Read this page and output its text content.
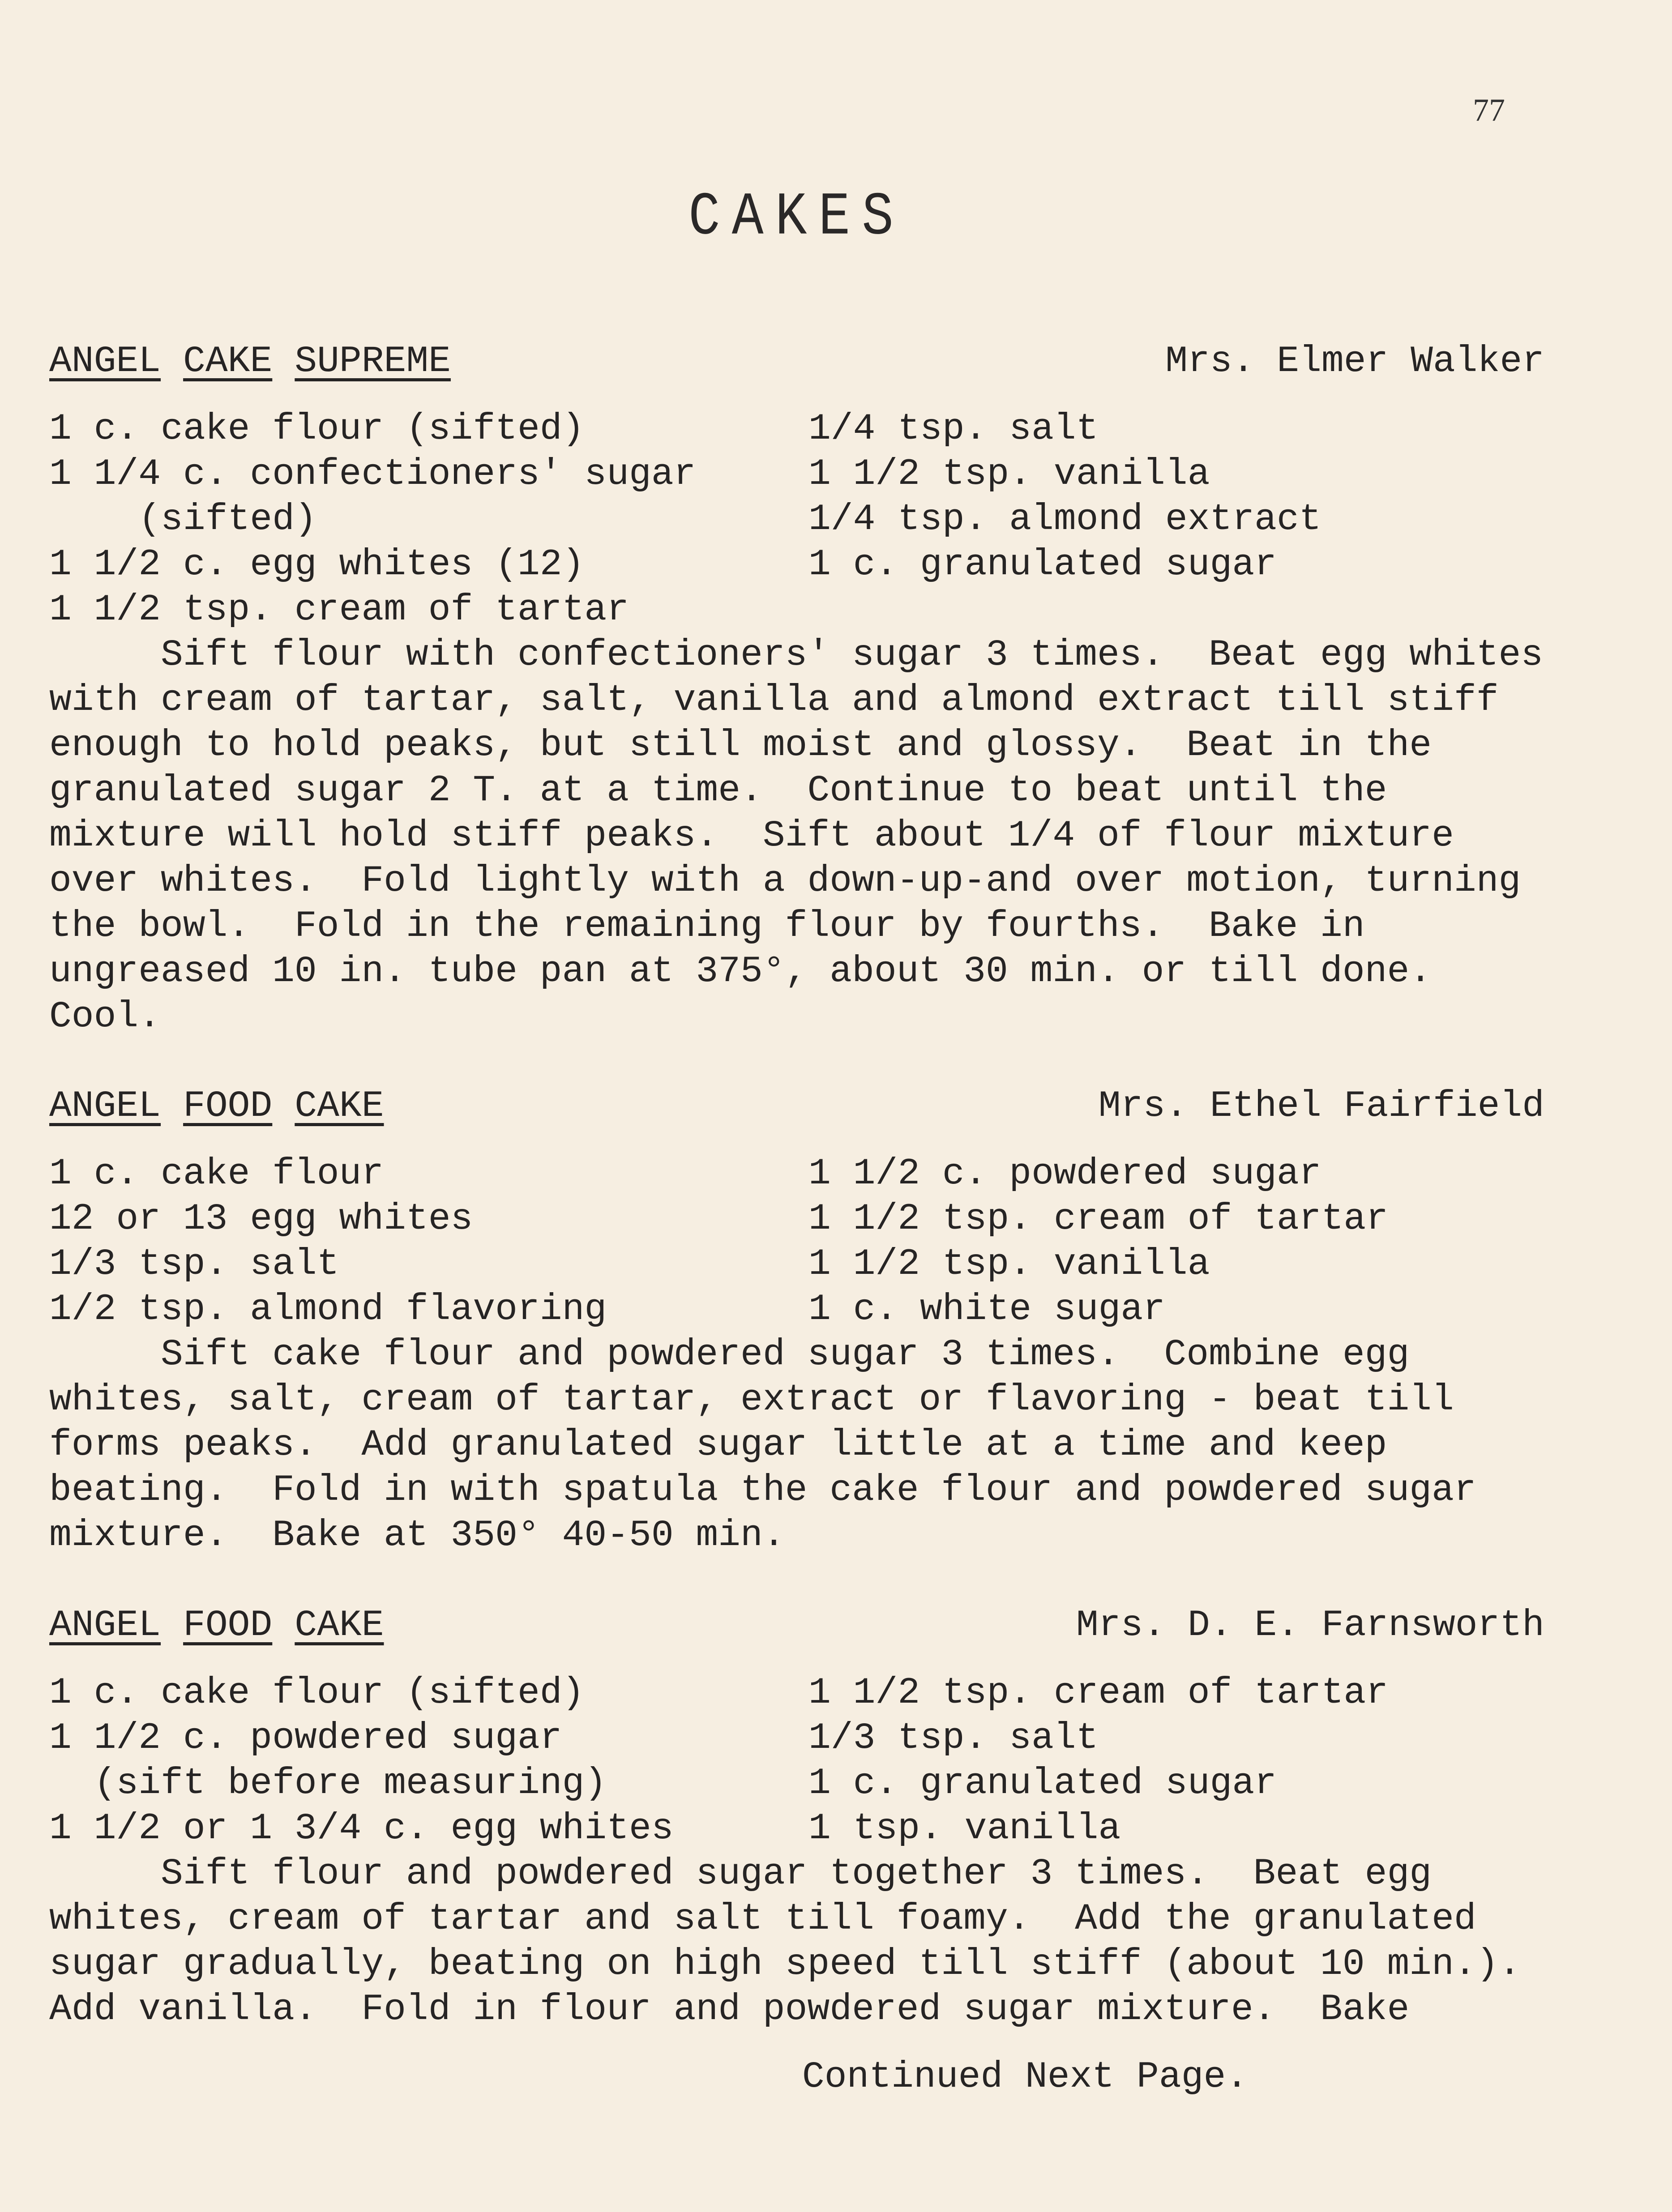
77
CAKES
ANGEL CAKE SUPREME	Mrs. Elmer Walker
1 c. cake flour (sifted)	1/4 tsp. salt
1 1/4 c. confectioners' sugar	1 1/2 tsp. vanilla
(sifted)	1/4 tsp. almond extract
1 1/2 c. egg whites (12)	1 c. granulated sugar
1 1/2 tsp. cream of tartar
Sift flour with confectioners' sugar 3 times.  Beat egg whites
with cream of tartar, salt, vanilla and almond extract till stiff
enough to hold peaks, but still moist and glossy.  Beat in the
granulated sugar 2 T. at a time.  Continue to beat until the
mixture will hold stiff peaks.  Sift about 1/4 of flour mixture
over whites.  Fold lightly with a down-up-and over motion, turning
the bowl.  Fold in the remaining flour by fourths.  Bake in
ungreased 10 in. tube pan at 375°, about 30 min. or till done.
Cool.
ANGEL FOOD CAKE	Mrs. Ethel Fairfield
1 c. cake flour	1 1/2 c. powdered sugar
12 or 13 egg whites	1 1/2 tsp. cream of tartar
1/3 tsp. salt	1 1/2 tsp. vanilla
1/2 tsp. almond flavoring	1 c. white sugar
Sift cake flour and powdered sugar 3 times.  Combine egg
whites, salt, cream of tartar, extract or flavoring - beat till
forms peaks.  Add granulated sugar little at a time and keep
beating.  Fold in with spatula the cake flour and powdered sugar
mixture.  Bake at 350° 40-50 min.
ANGEL FOOD CAKE	Mrs. D. E. Farnsworth
1 c. cake flour (sifted)	1 1/2 tsp. cream of tartar
1 1/2 c. powdered sugar	1/3 tsp. salt
(sift before measuring)	1 c. granulated sugar
1 1/2 or 1 3/4 c. egg whites	1 tsp. vanilla
Sift flour and powdered sugar together 3 times.  Beat egg
whites, cream of tartar and salt till foamy.  Add the granulated
sugar gradually, beating on high speed till stiff (about 10 min.).
Add vanilla.  Fold in flour and powdered sugar mixture.  Bake
Continued Next Page.
